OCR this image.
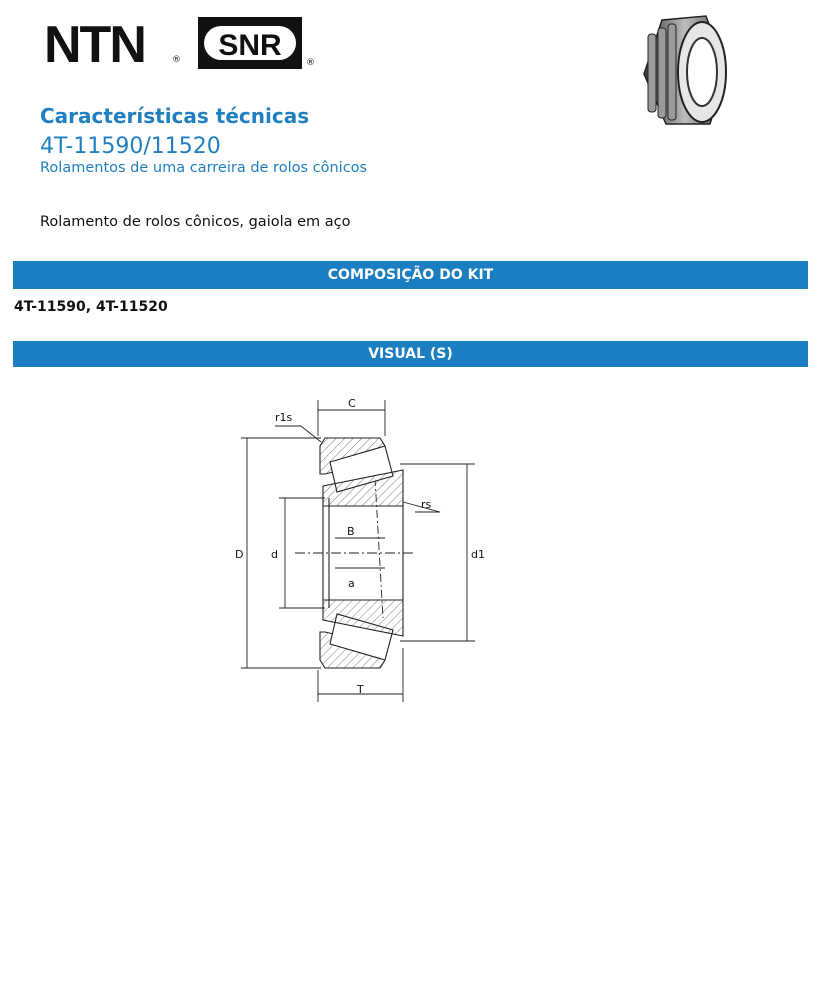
NTN	® SNR
®
Características técnicas
4T-11590/11520
Rolamentos de uma carreira de rolos cônicos
Rolamento de rolos cônicos, gaiola em aço
COMPOSIÇÃO DO KIT
4T-11590, 4T-11520
VISUAL (S)
C
r1s
rs
B
a
D	d	d1
T
